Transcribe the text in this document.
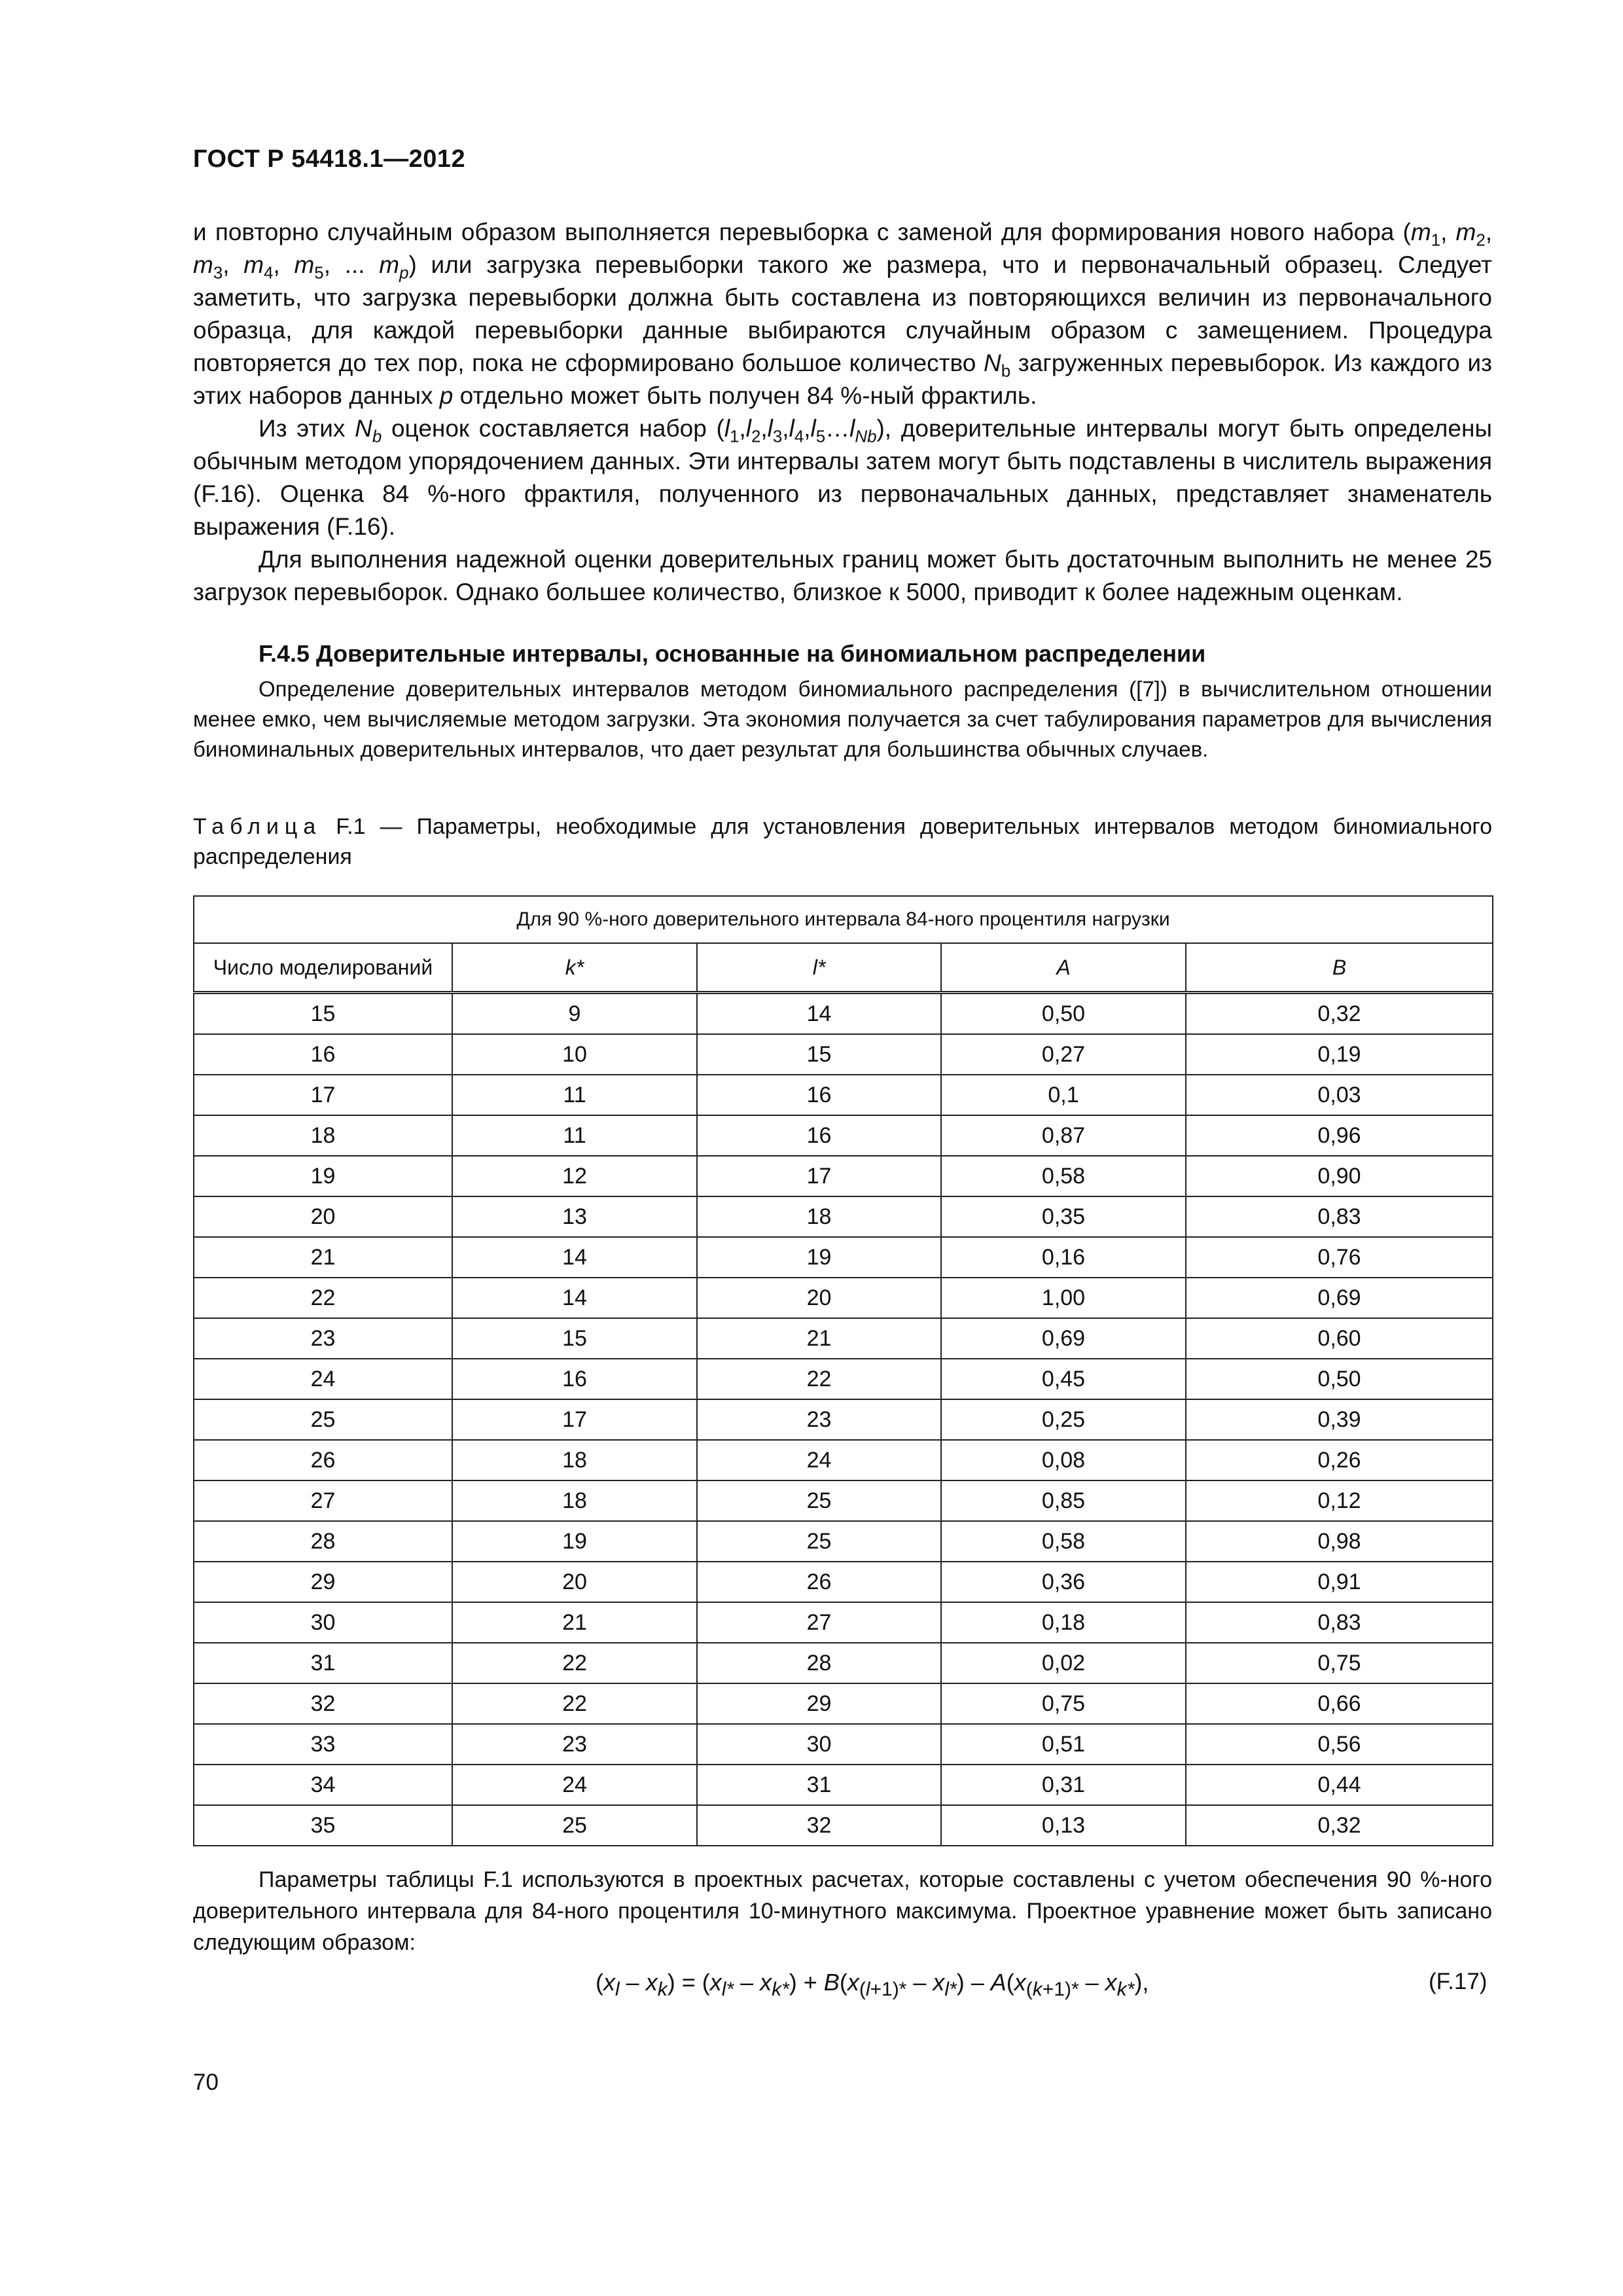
ГОСТ Р 54418.1—2012

и повторно случайным образом выполняется перевыборка с заменой для формирования нового набора ($m_1$, $m_2$, $m_3$, $m_4$, $m_5$, ... $m_p$) или загрузка перевыборки такого же размера, что и первоначальный образец. Следует заметить, что загрузка перевыборки должна быть составлена из повторяющихся величин из первоначального образца, для каждой перевыборки данные выбираются случайным образом с замещением. Процедура повторяется до тех пор, пока не сформировано большое количество $N_b$ загруженных перевыборок. Из каждого из этих наборов данных p отдельно может быть получен 84 %-ный фрактиль.

Из этих $N_b$ оценок составляется набор $(l_1,l_2,l_3,l_4,l_5\dots l_{Nb})$, доверительные интервалы могут быть определены обычным методом упорядочением данных. Эти интервалы затем могут быть подставлены в числитель выражения (F.16). Оценка 84 %-ного фрактиля, полученного из первоначальных данных, представляет знаменатель выражения (F.16).

Для выполнения надежной оценки доверительных границ может быть достаточным выполнить не менее 25 загрузок перевыборок. Однако большее количество, близкое к 5000, приводит к более надежным оценкам.

F.4.5 Доверительные интервалы, основанные на биномиальном распределении

Определение доверительных интервалов методом биномиального распределения ([7]) в вычислительном отношении менее емко, чем вычисляемые методом загрузки. Эта экономия получается за счет табулирования параметров для вычисления биноминальных доверительных интервалов, что дает результат для большинства обычных случаев.

Таблица F.1 — Параметры, необходимые для установления доверительных интервалов методом биномиального распределения
Для 90 %-ного доверительного интервала 84-ного процентиля нагрузки				
Число моделирований	k*	l*	A	B
15	9	14	0,50	0,32
16	10	15	0,27	0,19
17	11	16	0,1	0,03
18	11	16	0,87	0,96
19	12	17	0,58	0,90
20	13	18	0,35	0,83
21	14	19	0,16	0,76
22	14	20	1,00	0,69
23	15	21	0,69	0,60
24	16	22	0,45	0,50
25	17	23	0,25	0,39
26	18	24	0,08	0,26
27	18	25	0,85	0,12
28	19	25	0,58	0,98
29	20	26	0,36	0,91
30	21	27	0,18	0,83
31	22	28	0,02	0,75
32	22	29	0,75	0,66
33	23	30	0,51	0,56
34	24	31	0,31	0,44
35	25	32	0,13	0,32

Параметры таблицы F.1 используются в проектных расчетах, которые составлены с учетом обеспечения 90 %-ного доверительного интервала для 84-ного процентиля 10-минутного максимума. Проектное уравнение может быть записано следующим образом:

$(x_l - x_k) = (x_{l*} - x_{k*}) + B(x_{(l+1)*} - x_{l*}) - A(x_{(k+1)*} - x_{k*})$,	(F.17)
70
